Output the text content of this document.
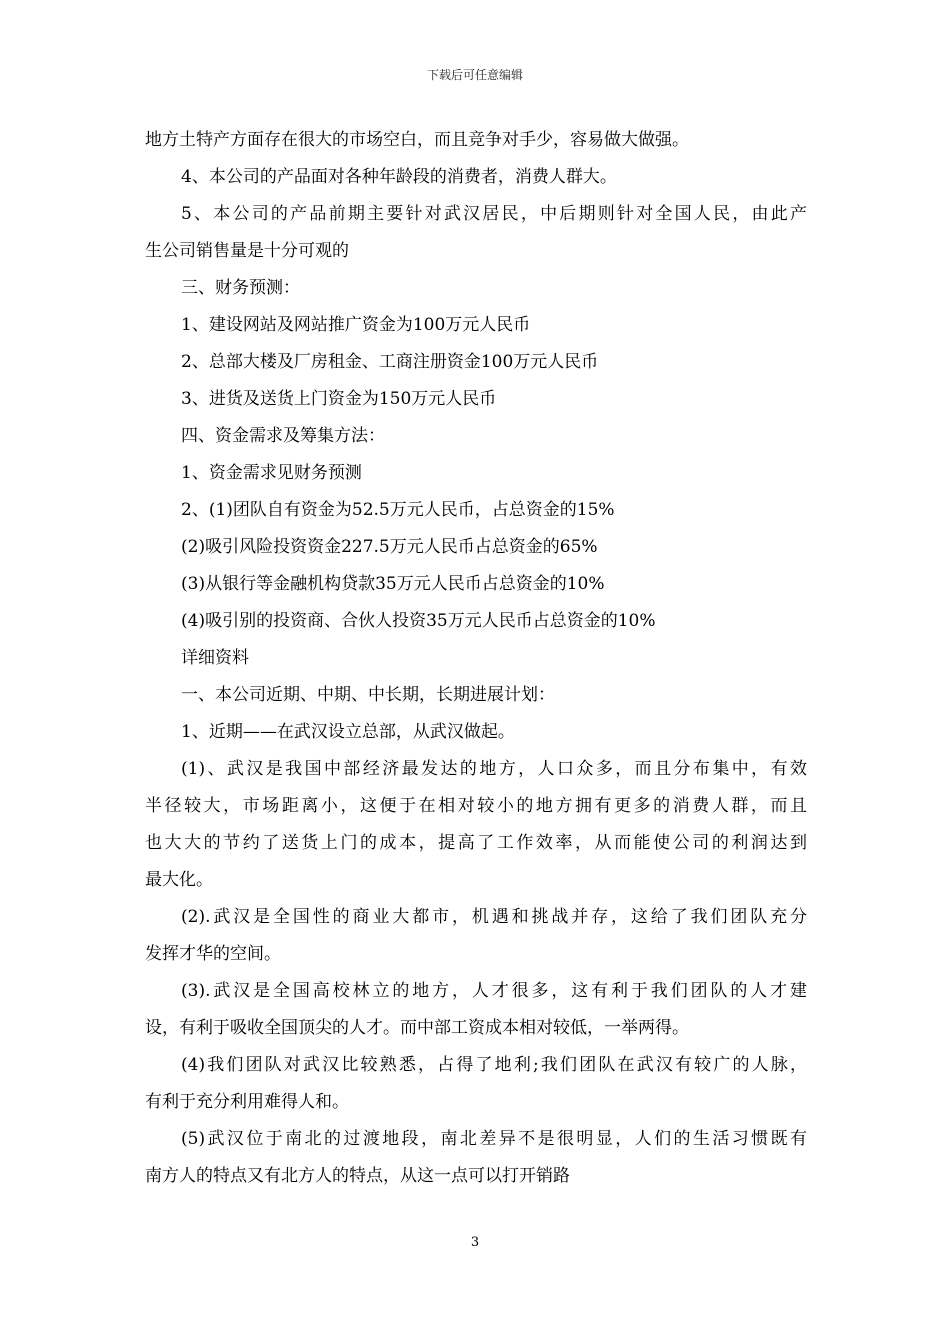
下载后可任意编辑
地方土特产方面存在很大的市场空白，而且竞争对手少，容易做大做强。
4、本公司的产品面对各种年龄段的消费者，消费人群大。
5、本公司的产品前期主要针对武汉居民，中后期则针对全国人民，由此产
生公司销售量是十分可观的
三、财务预测：
1、建设网站及网站推广资金为100万元人民币
2、总部大楼及厂房租金、工商注册资金100万元人民币
3、进货及送货上门资金为150万元人民币
四、资金需求及筹集方法：
1、资金需求见财务预测
2、(1)团队自有资金为52.5万元人民币，占总资金的15%
(2)吸引风险投资资金227.5万元人民币占总资金的65%
(3)从银行等金融机构贷款35万元人民币占总资金的10%
(4)吸引别的投资商、合伙人投资35万元人民币占总资金的10%
详细资料
一、本公司近期、中期、中长期，长期进展计划：
1、近期——在武汉设立总部，从武汉做起。
(1)、武汉是我国中部经济最发达的地方，人口众多，而且分布集中，有效
半径较大，市场距离小，这便于在相对较小的地方拥有更多的消费人群，而且
也大大的节约了送货上门的成本，提高了工作效率，从而能使公司的利润达到
最大化。
(2).武汉是全国性的商业大都市，机遇和挑战并存，这给了我们团队充分
发挥才华的空间。
(3).武汉是全国高校林立的地方，人才很多，这有利于我们团队的人才建
设，有利于吸收全国顶尖的人才。而中部工资成本相对较低，一举两得。
(4)我们团队对武汉比较熟悉，占得了地利;我们团队在武汉有较广的人脉，
有利于充分利用难得人和。
(5)武汉位于南北的过渡地段，南北差异不是很明显，人们的生活习惯既有
南方人的特点又有北方人的特点，从这一点可以打开销路
3
